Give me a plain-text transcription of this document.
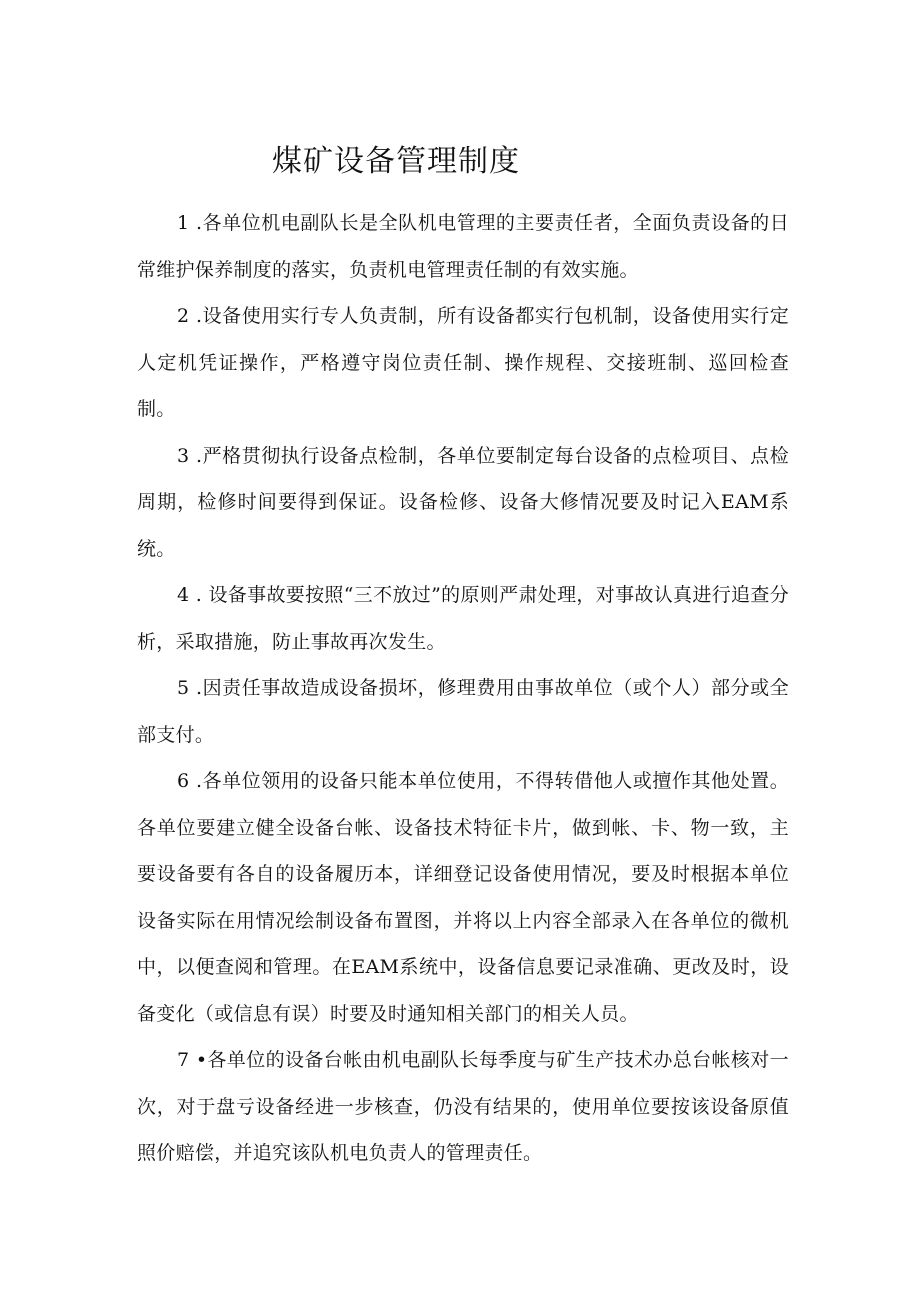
煤矿设备管理制度

1 .各单位机电副队长是全队机电管理的主要责任者，全面负责设备的日常维护保养制度的落实，负责机电管理责任制的有效实施。

2 .设备使用实行专人负责制，所有设备都实行包机制，设备使用实行定人定机凭证操作，严格遵守岗位责任制、操作规程、交接班制、巡回检查制。

3 .严格贯彻执行设备点检制，各单位要制定每台设备的点检项目、点检周期，检修时间要得到保证。设备检修、设备大修情况要及时记入EAM系统。

4 . 设备事故要按照“三不放过”的原则严肃处理，对事故认真进行追查分析，采取措施，防止事故再次发生。

5 .因责任事故造成设备损坏，修理费用由事故单位（或个人）部分或全部支付。

6 .各单位领用的设备只能本单位使用，不得转借他人或擅作其他处置。各单位要建立健全设备台帐、设备技术特征卡片，做到帐、卡、物一致，主要设备要有各自的设备履历本，详细登记设备使用情况，要及时根据本单位设备实际在用情况绘制设备布置图，并将以上内容全部录入在各单位的微机中，以便查阅和管理。在EAM系统中，设备信息要记录准确、更改及时，设备变化（或信息有误）时要及时通知相关部门的相关人员。

7 •各单位的设备台帐由机电副队长每季度与矿生产技术办总台帐核对一次，对于盘亏设备经进一步核查，仍没有结果的，使用单位要按该设备原值照价赔偿，并追究该队机电负责人的管理责任。
